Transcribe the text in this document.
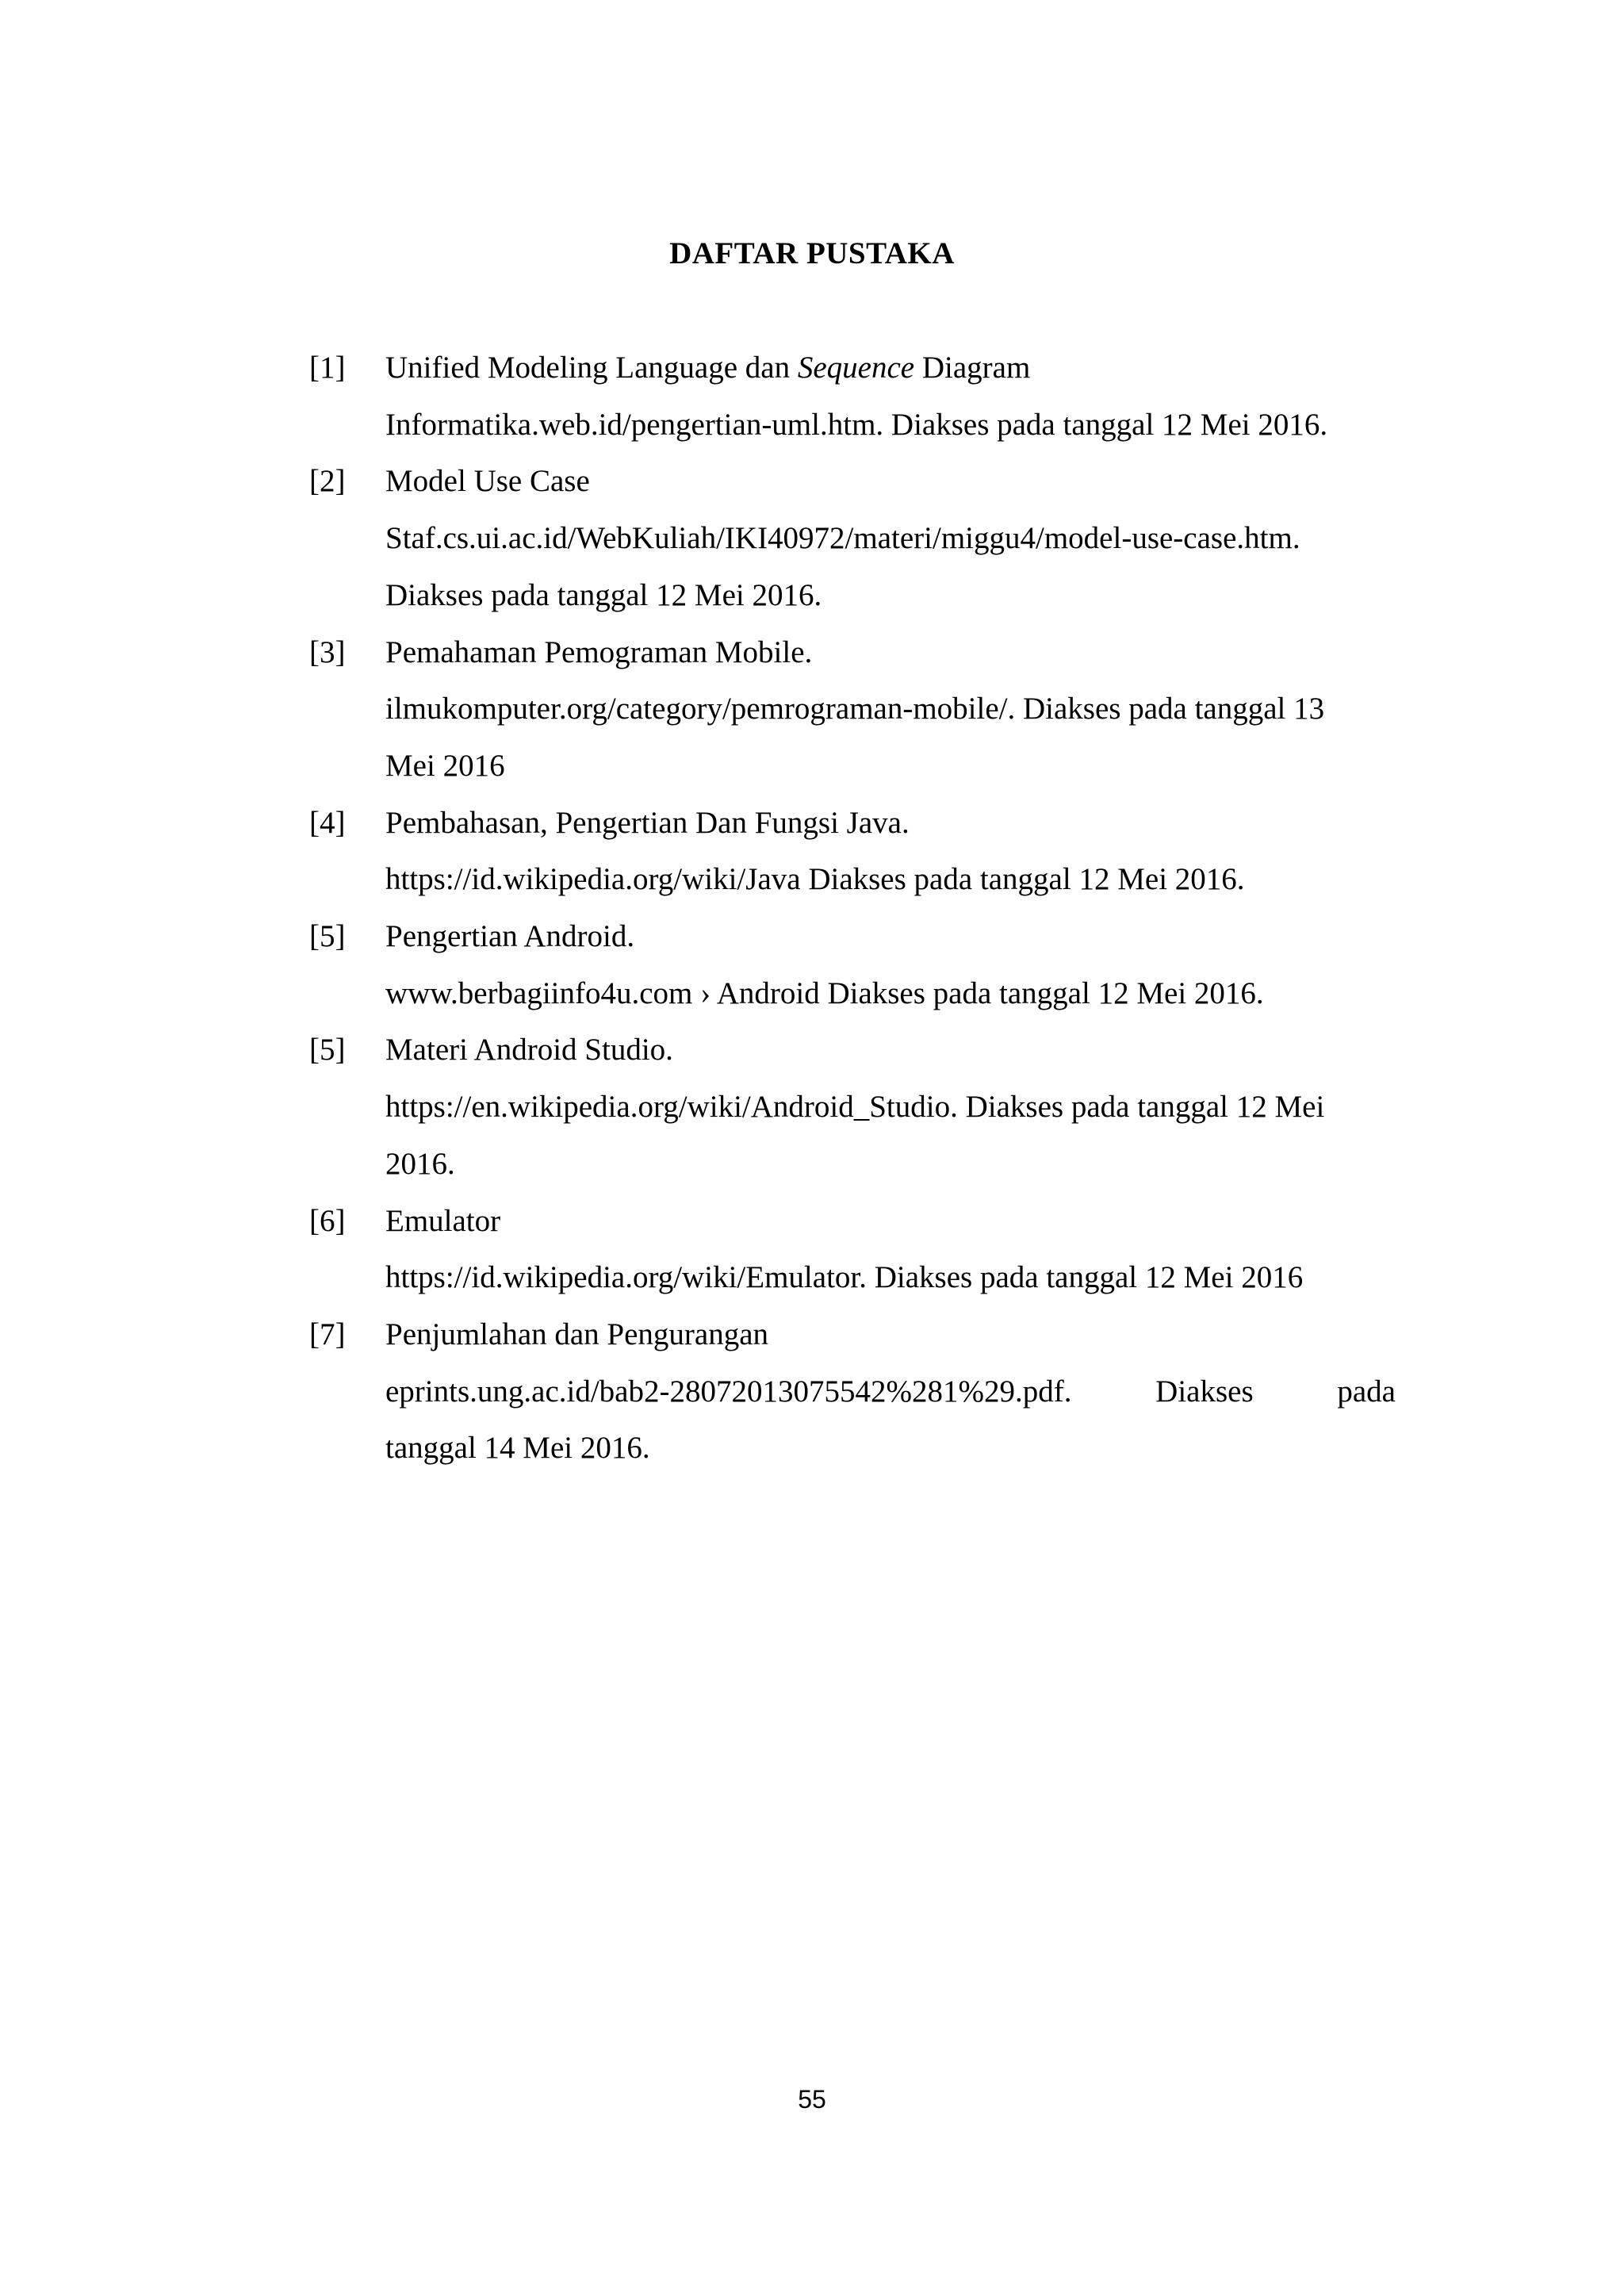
DAFTAR PUSTAKA
[1] Unified Modeling Language dan Sequence Diagram
Informatika.web.id/pengertian-uml.htm. Diakses pada tanggal 12 Mei 2016.
[2] Model Use Case
Staf.cs.ui.ac.id/WebKuliah/IKI40972/materi/miggu4/model-use-case.htm.
Diakses pada tanggal 12 Mei 2016.
[3] Pemahaman Pemograman Mobile.
ilmukomputer.org/category/pemrograman-mobile/. Diakses pada tanggal 13
Mei 2016
[4] Pembahasan, Pengertian Dan Fungsi Java.
https://id.wikipedia.org/wiki/Java Diakses pada tanggal 12 Mei 2016.
[5] Pengertian Android.
www.berbagiinfo4u.com › Android Diakses pada tanggal 12 Mei 2016.
[5] Materi Android Studio.
https://en.wikipedia.org/wiki/Android_Studio. Diakses pada tanggal 12 Mei
2016.
[6] Emulator
https://id.wikipedia.org/wiki/Emulator. Diakses pada tanggal 12 Mei 2016
[7] Penjumlahan dan Pengurangan
eprints.ung.ac.id/bab2-28072013075542%281%29.pdf.	Diakses	pada
tanggal 14 Mei 2016.
55
